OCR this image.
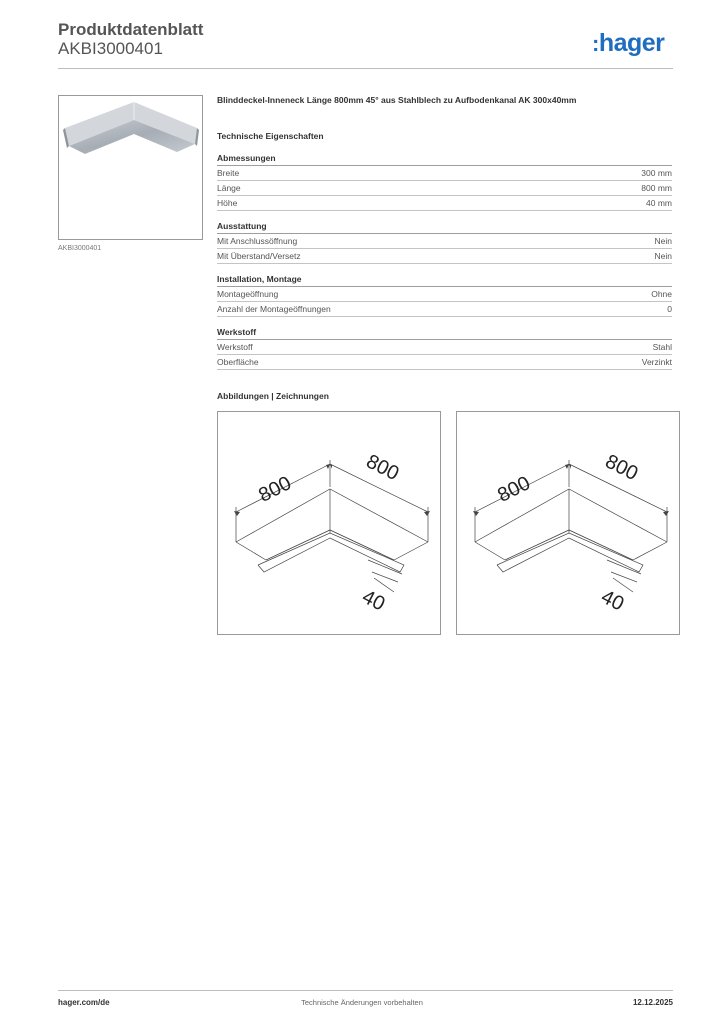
Produktdatenblatt
AKBI3000401	:hager
AKBI3000401
Blinddeckel-Inneneck Länge 800mm 45° aus Stahlblech zu Aufbodenkanal AK 300x40mm
Technische Eigenschaften
Abmessungen
Breite	300 mm
Länge	800 mm
Höhe	40 mm
Ausstattung
Mit Anschlussöffnung	Nein
Mit Überstand/Versetz	Nein
Installation, Montage
Montageöffnung	Ohne
Anzahl der Montageöffnungen	0
Werkstoff
Werkstoff	Stahl
Oberfläche	Verzinkt
Abbildungen | Zeichnungen
800
800
40
800
800
40
hager.com/de	Technische Änderungen vorbehalten	12.12.2025
